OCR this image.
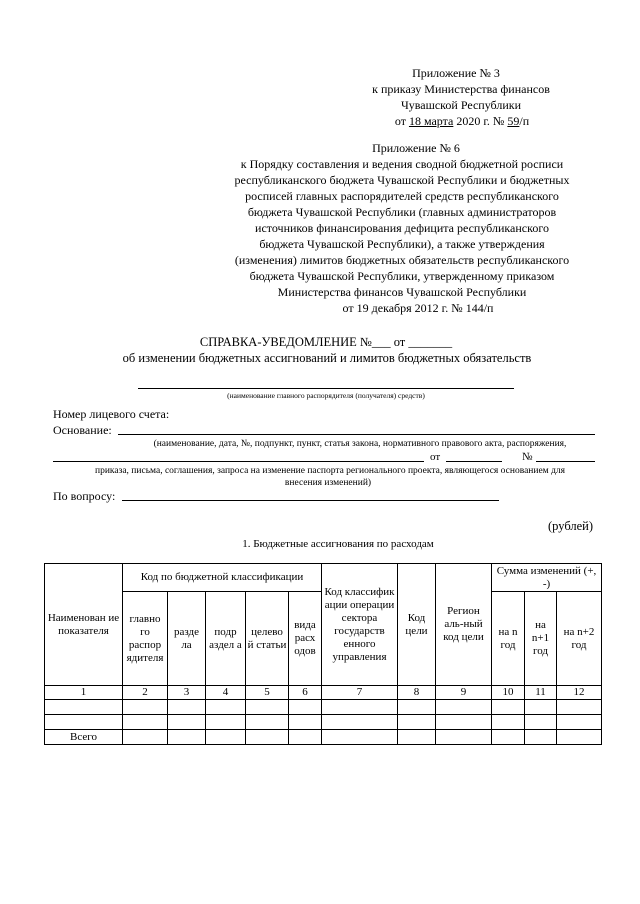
Приложение № 3
к приказу Министерства финансов
Чувашской Республики
от 18 марта 2020 г. № 59/п
Приложение № 6
к Порядку составления и ведения сводной бюджетной росписи
республиканского бюджета Чувашской Республики и бюджетных
росписей главных распорядителей средств республиканского
бюджета Чувашской Республики (главных администраторов
источников финансирования дефицита республиканского
бюджета Чувашской Республики), а также утверждения
(изменения) лимитов бюджетных обязательств республиканского
бюджета Чувашской Республики, утвержденному приказом
Министерства финансов Чувашской Республики
от 19 декабря 2012 г. № 144/п
СПРАВКА-УВЕДОМЛЕНИЕ №___ от _______
об изменении бюджетных ассигнований и лимитов бюджетных обязательств
(наименование главного распорядителя (получателя) средств)
Номер лицевого счета:
Основание:
(наименование, дата, №, подпункт, пункт, статья закона, нормативного правового акта, распоряжения,
от	№
приказа, письма, соглашения, запроса на изменение паспорта регионального проекта, являющегося основанием для
внесения изменений)
По вопросу:
(рублей)
1. Бюджетные ассигнования по расходам
Наименован ие показателя	Код по бюджетной классификации					Код классифик ации операции сектора государств енного управления	Код цели	Регион аль-ный код цели	Сумма изменений (+, -)		
	главно го распор ядителя	разде ла	подр аздел а	целево й статьи	вида расх одов				на n год	на n+1 год	на n+2 год
1	2	3	4	5	6	7	8	9	10	11	12

Всего											
